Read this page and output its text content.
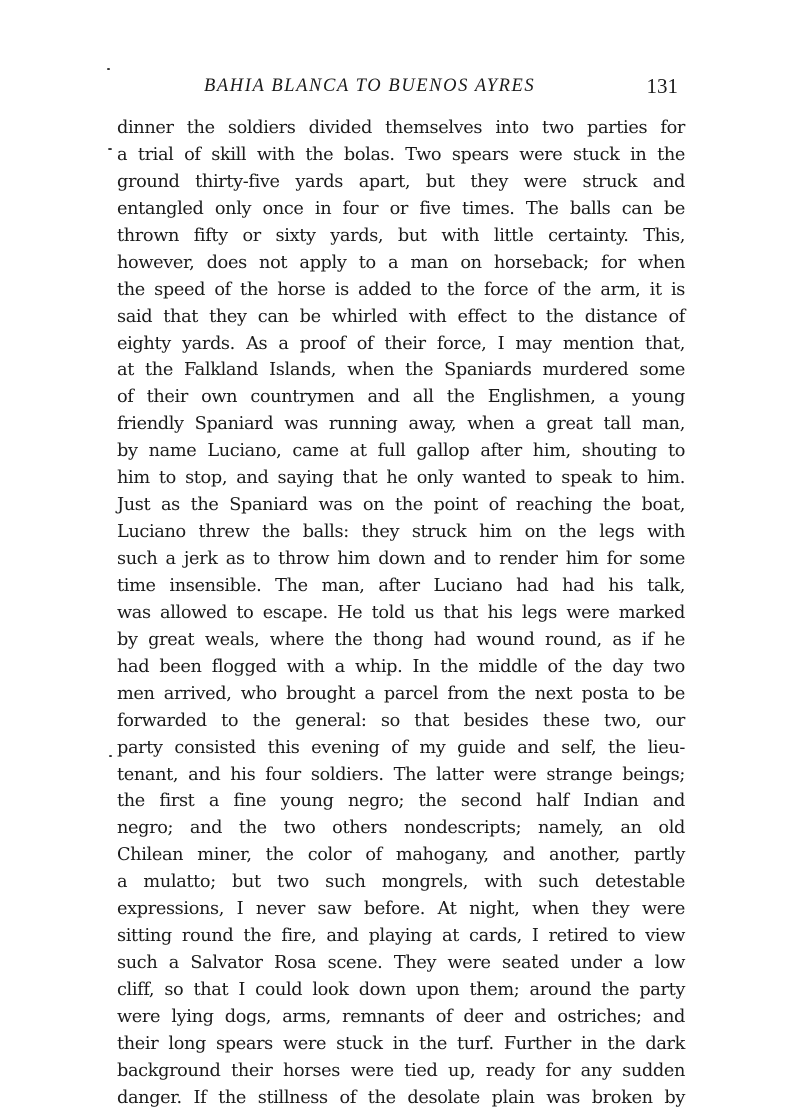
BAHIA BLANCA TO BUENOS AYRES	131
dinner the soldiers divided themselves into two parties for
a trial of skill with the bolas. Two spears were stuck in the
ground thirty-five yards apart, but they were struck and
entangled only once in four or five times. The balls can be
thrown fifty or sixty yards, but with little certainty. This,
however, does not apply to a man on horseback; for when
the speed of the horse is added to the force of the arm, it is
said that they can be whirled with effect to the distance of
eighty yards. As a proof of their force, I may mention that,
at the Falkland Islands, when the Spaniards murdered some
of their own countrymen and all the Englishmen, a young
friendly Spaniard was running away, when a great tall man,
by name Luciano, came at full gallop after him, shouting to
him to stop, and saying that he only wanted to speak to him.
Just as the Spaniard was on the point of reaching the boat,
Luciano threw the balls: they struck him on the legs with
such a jerk as to throw him down and to render him for some
time insensible. The man, after Luciano had had his talk,
was allowed to escape. He told us that his legs were marked
by great weals, where the thong had wound round, as if he
had been flogged with a whip. In the middle of the day two
men arrived, who brought a parcel from the next posta to be
forwarded to the general: so that besides these two, our
party consisted this evening of my guide and self, the lieu-
tenant, and his four soldiers. The latter were strange beings;
the first a fine young negro; the second half Indian and
negro; and the two others nondescripts; namely, an old
Chilean miner, the color of mahogany, and another, partly
a mulatto; but two such mongrels, with such detestable
expressions, I never saw before. At night, when they were
sitting round the fire, and playing at cards, I retired to view
such a Salvator Rosa scene. They were seated under a low
cliff, so that I could look down upon them; around the party
were lying dogs, arms, remnants of deer and ostriches; and
their long spears were stuck in the turf. Further in the dark
background their horses were tied up, ready for any sudden
danger. If the stillness of the desolate plain was broken by
